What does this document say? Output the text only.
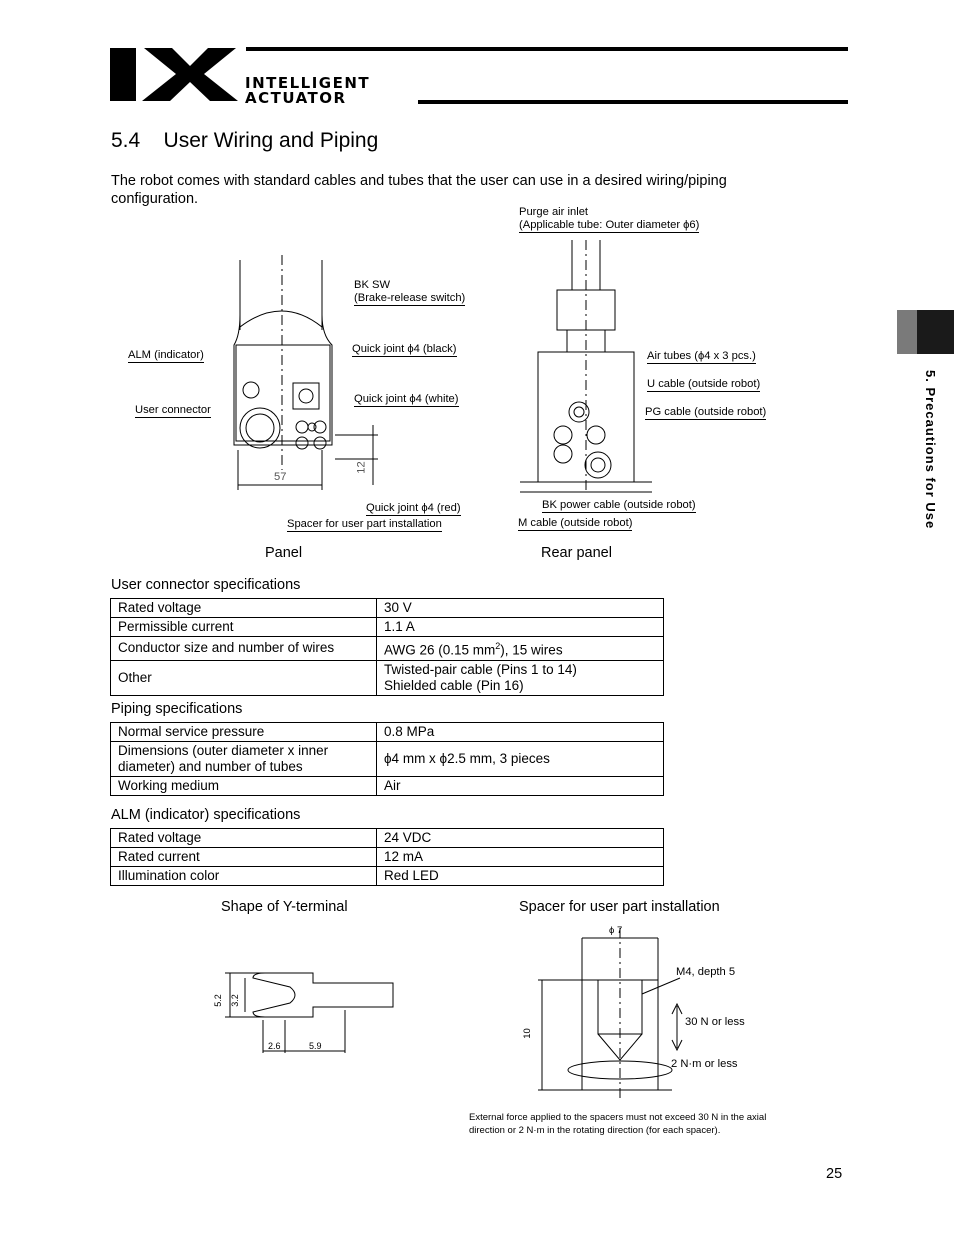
INTELLIGENT
ACTUATOR
5. Precautions for Use
5.4    User Wiring and Piping
The robot comes with standard cables and tubes that the user can use in a desired wiring/piping configuration.
BK SW
(Brake-release switch)
ALM (indicator)	Quick joint ϕ4 (black)
User connector
Quick joint ϕ4 (white)
57
12
Quick joint ϕ4 (red)
Spacer for user part installation
Panel
Purge air inlet
(Applicable tube: Outer diameter ϕ6)
Air tubes (ϕ4 x 3 pcs.)
U cable (outside robot)
PG cable (outside robot)
BK power cable (outside robot)
M cable (outside robot)
Rear panel
User connector specifications
Rated voltage	30 V
Permissible current	1.1 A
Conductor size and number of wires	AWG 26 (0.15 $mm^2$), 15 wires
Other	Twisted-pair cable (Pins 1 to 14)
Shielded cable (Pin 16)
Piping specifications
Normal service pressure	0.8 MPa

Dimensions (outer diameter x inner
diameter) and number of tubes	ϕ4 mm x ϕ2.5 mm, 3 pieces
Working medium	Air
ALM (indicator) specifications
Rated voltage	24 VDC
Rated current	12 mA
Illumination color	Red LED
Shape of Y-terminal
5.2 3.2
2.6	5.9
Spacer for user part installation
ϕ 7
M4, depth 5
30 N or less
2 N·m or less
10
External force applied to the spacers must not exceed 30 N in the axial direction or 2 N·m in the rotating direction (for each spacer).
25
